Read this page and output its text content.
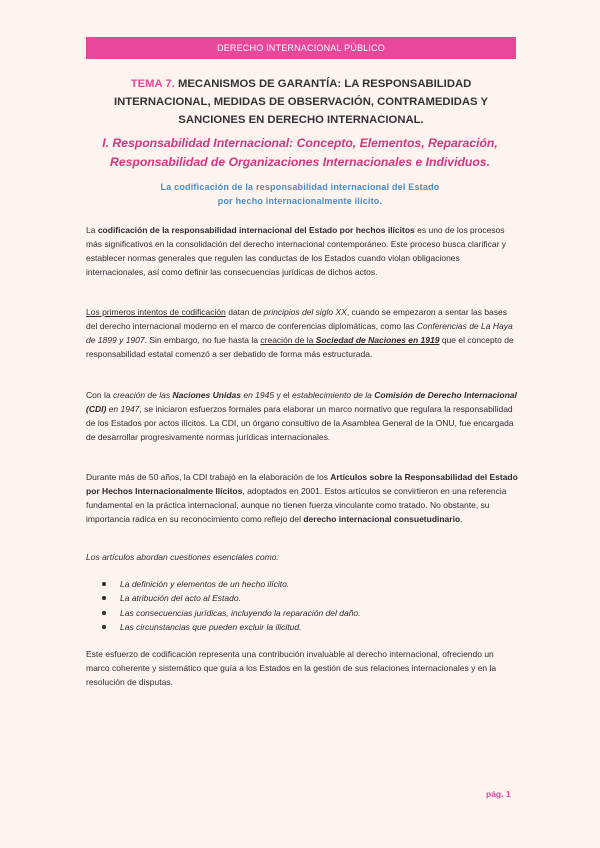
DERECHO INTERNACIONAL PÚBLICO
TEMA 7. MECANISMOS DE GARANTÍA: LA RESPONSABILIDAD INTERNACIONAL, MEDIDAS DE OBSERVACIÓN, CONTRAMEDIDAS Y SANCIONES EN DERECHO INTERNACIONAL.
I. Responsabilidad Internacional: Concepto, Elementos, Reparación, Responsabilidad de Organizaciones Internacionales e Individuos.
La codificación de la responsabilidad internacional del Estado por hecho internacionalmente ilícito.
La codificación de la responsabilidad internacional del Estado por hechos ilícitos es uno de los procesos más significativos en la consolidación del derecho internacional contemporáneo. Este proceso busca clarificar y establecer normas generales que regulen las conductas de los Estados cuando violan obligaciones internacionales, así como definir las consecuencias jurídicas de dichos actos.
Los primeros intentos de codificación datan de principios del siglo XX, cuando se empezaron a sentar las bases del derecho internacional moderno en el marco de conferencias diplomáticas, como las Conferencias de La Haya de 1899 y 1907. Sin embargo, no fue hasta la creación de la Sociedad de Naciones en 1919 que el concepto de responsabilidad estatal comenzó a ser debatido de forma más estructurada.
Con la creación de las Naciones Unidas en 1945 y el establecimiento de la Comisión de Derecho Internacional (CDI) en 1947, se iniciaron esfuerzos formales para elaborar un marco normativo que regulara la responsabilidad de los Estados por actos ilícitos. La CDI, un órgano consultivo de la Asamblea General de la ONU, fue encargada de desarrollar progresivamente normas jurídicas internacionales.
Durante más de 50 años, la CDI trabajó en la elaboración de los Artículos sobre la Responsabilidad del Estado por Hechos Internacionalmente Ilícitos, adoptados en 2001. Estos artículos se convirtieron en una referencia fundamental en la práctica internacional, aunque no tienen fuerza vinculante como tratado. No obstante, su importancia radica en su reconocimiento como reflejo del derecho internacional consuetudinario.
Los artículos abordan cuestiones esenciales como:
La definición y elementos de un hecho ilícito.
La atribución del acto al Estado.
Las consecuencias jurídicas, incluyendo la reparación del daño.
Las circunstancias que pueden excluir la ilicitud.
Este esfuerzo de codificación representa una contribución invaluable al derecho internacional, ofreciendo un marco coherente y sistemático que guía a los Estados en la gestión de sus relaciones internacionales y en la resolución de disputas.
pág. 1
